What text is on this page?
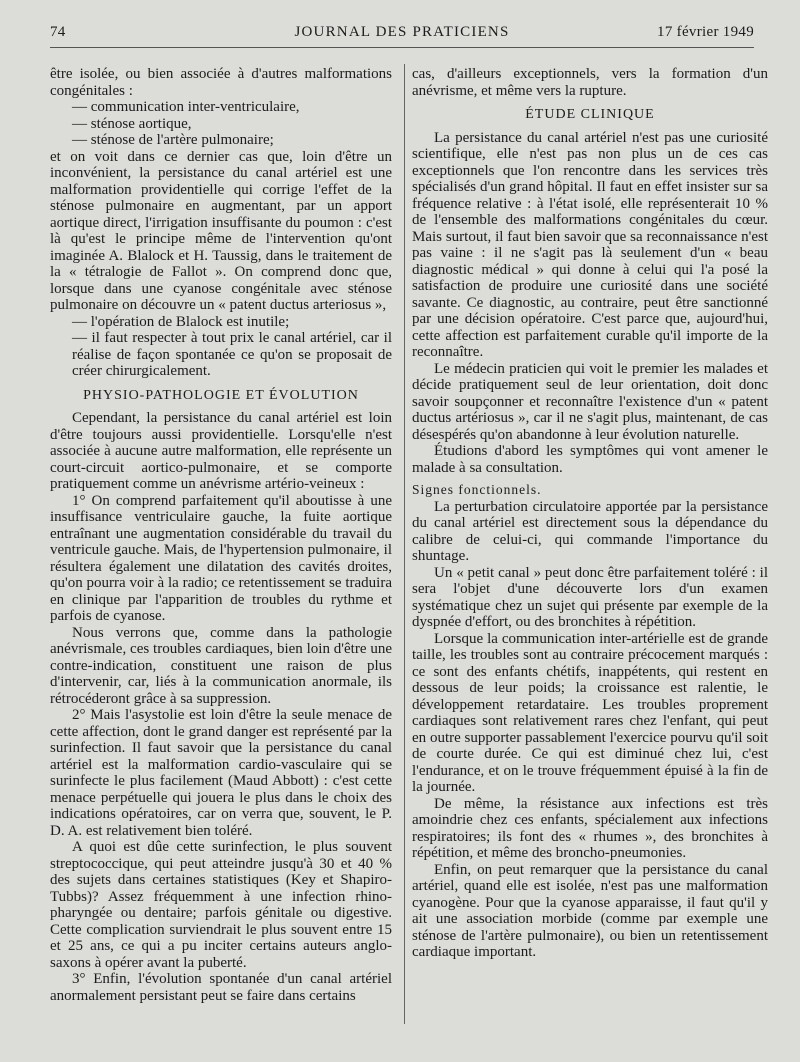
74	JOURNAL DES PRATICIENS	17 février 1949

être isolée, ou bien associée à d'autres malformations congénitales :

— communication inter-ventriculaire,

— sténose aortique,

— sténose de l'artère pulmonaire;

et on voit dans ce dernier cas que, loin d'être un inconvénient, la persistance du canal artériel est une malformation providentielle qui corrige l'effet de la sténose pulmonaire en augmentant, par un apport aortique direct, l'irrigation insuffisante du poumon : c'est là qu'est le principe même de l'intervention qu'ont imaginée A. Blalock et H. Taussig, dans le traitement de la « tétralogie de Fallot ». On comprend donc que, lorsque dans une cyanose congénitale avec sténose pulmonaire on découvre un « patent ductus arteriosus »,

— l'opération de Blalock est inutile;

— il faut respecter à tout prix le canal artériel, car il réalise de façon spontanée ce qu'on se proposait de créer chirurgicalement.

PHYSIO-PATHOLOGIE ET ÉVOLUTION

Cependant, la persistance du canal artériel est loin d'être toujours aussi providentielle. Lorsqu'elle n'est associée à aucune autre malformation, elle représente un court-circuit aortico-pulmonaire, et se comporte pratiquement comme un anévrisme artério-veineux :

1° On comprend parfaitement qu'il aboutisse à une insuffisance ventriculaire gauche, la fuite aortique entraînant une augmentation considérable du travail du ventricule gauche. Mais, de l'hypertension pulmonaire, il résultera également une dilatation des cavités droites, qu'on pourra voir à la radio; ce retentissement se traduira en clinique par l'apparition de troubles du rythme et parfois de cyanose.

Nous verrons que, comme dans la pathologie anévrismale, ces troubles cardiaques, bien loin d'être une contre-indication, constituent une raison de plus d'intervenir, car, liés à la communication anormale, ils rétrocéderont grâce à sa suppression.

2° Mais l'asystolie est loin d'être la seule menace de cette affection, dont le grand danger est représenté par la surinfection. Il faut savoir que la persistance du canal artériel est la malformation cardio-vasculaire qui se surinfecte le plus facilement (Maud Abbott) : c'est cette menace perpétuelle qui jouera le plus dans le choix des indications opératoires, car on verra que, souvent, le P. D. A. est relativement bien toléré.

A quoi est dûe cette surinfection, le plus souvent streptococcique, qui peut atteindre jusqu'à 30 et 40 % des sujets dans certaines statistiques (Key et Shapiro-Tubbs)? Assez fréquemment à une infection rhino-pharyngée ou dentaire; parfois génitale ou digestive. Cette complication surviendrait le plus souvent entre 15 et 25 ans, ce qui a pu inciter certains auteurs anglo-saxons à opérer avant la puberté.

3° Enfin, l'évolution spontanée d'un canal artériel anormalement persistant peut se faire dans certains

cas, d'ailleurs exceptionnels, vers la formation d'un anévrisme, et même vers la rupture.

ÉTUDE CLINIQUE

La persistance du canal artériel n'est pas une curiosité scientifique, elle n'est pas non plus un de ces cas exceptionnels que l'on rencontre dans les services très spécialisés d'un grand hôpital. Il faut en effet insister sur sa fréquence relative : à l'état isolé, elle représenterait 10 % de l'ensemble des malformations congénitales du cœur. Mais surtout, il faut bien savoir que sa reconnaissance n'est pas vaine : il ne s'agit pas là seulement d'un « beau diagnostic médical » qui donne à celui qui l'a posé la satisfaction de produire une curiosité dans une société savante. Ce diagnostic, au contraire, peut être sanctionné par une décision opératoire. C'est parce que, aujourd'hui, cette affection est parfaitement curable qu'il importe de la reconnaître.

Le médecin praticien qui voit le premier les malades et décide pratiquement seul de leur orientation, doit donc savoir soupçonner et reconnaître l'existence d'un « patent ductus artériosus », car il ne s'agit plus, maintenant, de cas désespérés qu'on abandonne à leur évolution naturelle.

Étudions d'abord les symptômes qui vont amener le malade à sa consultation.

Signes fonctionnels.

La perturbation circulatoire apportée par la persistance du canal artériel est directement sous la dépendance du calibre de celui-ci, qui commande l'importance du shuntage.

Un « petit canal » peut donc être parfaitement toléré : il sera l'objet d'une découverte lors d'un examen systématique chez un sujet qui présente par exemple de la dyspnée d'effort, ou des bronchites à répétition.

Lorsque la communication inter-artérielle est de grande taille, les troubles sont au contraire précocement marqués : ce sont des enfants chétifs, inappétents, qui restent en dessous de leur poids; la croissance est ralentie, le développement retardataire. Les troubles proprement cardiaques sont relativement rares chez l'enfant, qui peut en outre supporter passablement l'exercice pourvu qu'il soit de courte durée. Ce qui est diminué chez lui, c'est l'endurance, et on le trouve fréquemment épuisé à la fin de la journée.

De même, la résistance aux infections est très amoindrie chez ces enfants, spécialement aux infections respiratoires; ils font des « rhumes », des bronchites à répétition, et même des broncho-pneumonies.

Enfin, on peut remarquer que la persistance du canal artériel, quand elle est isolée, n'est pas une malformation cyanogène. Pour que la cyanose apparaisse, il faut qu'il y ait une association morbide (comme par exemple une sténose de l'artère pulmonaire), ou bien un retentissement cardiaque important.
